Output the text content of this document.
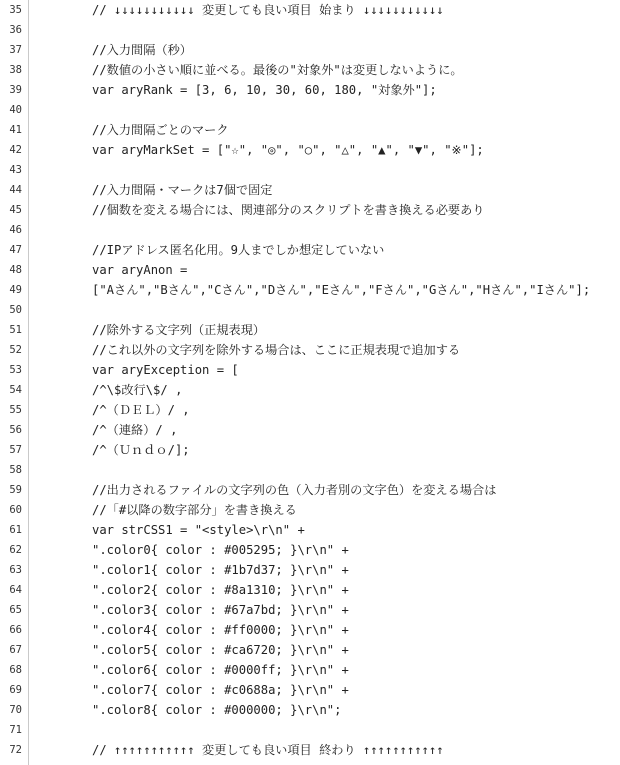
35	// ↓↓↓↓↓↓↓↓↓↓↓ 変更しても良い項目 始まり ↓↓↓↓↓↓↓↓↓↓↓
36
37	//入力間隔（秒）
38	//数値の小さい順に並べる。最後の"対象外"は変更しないように。
39	var aryRank = [3, 6, 10, 30, 60, 180, "対象外"];
40
41	//入力間隔ごとのマーク
42	var aryMarkSet = ["☆", "◎", "○", "△", "▲", "▼", "※"];
43
44	//入力間隔・マークは7個で固定
45	//個数を変える場合には、関連部分のスクリプトを書き換える必要あり
46
47	//IPアドレス匿名化用。9人までしか想定していない
48	var aryAnon =
49	["Aさん","Bさん","Cさん","Dさん","Eさん","Fさん","Gさん","Hさん","Iさん"];
50
51	//除外する文字列（正規表現）
52	//これ以外の文字列を除外する場合は、ここに正規表現で追加する
53	var aryException = [
54	/^\$改行\$/ ,
55	/^（ＤＥＬ）/ ,
56	/^（連絡）/ ,
57	/^（Ｕｎｄｏ/];
58
59	//出力されるファイルの文字列の色（入力者別の文字色）を変える場合は
60	//「#以降の数字部分」を書き換える
61	var strCSS1 = "<style>\r\n" +
62	".color0{ color : #005295; }\r\n" +
63	".color1{ color : #1b7d37; }\r\n" +
64	".color2{ color : #8a1310; }\r\n" +
65	".color3{ color : #67a7bd; }\r\n" +
66	".color4{ color : #ff0000; }\r\n" +
67	".color5{ color : #ca6720; }\r\n" +
68	".color6{ color : #0000ff; }\r\n" +
69	".color7{ color : #c0688a; }\r\n" +
70	".color8{ color : #000000; }\r\n";
71
72	// ↑↑↑↑↑↑↑↑↑↑↑ 変更しても良い項目 終わり ↑↑↑↑↑↑↑↑↑↑↑
